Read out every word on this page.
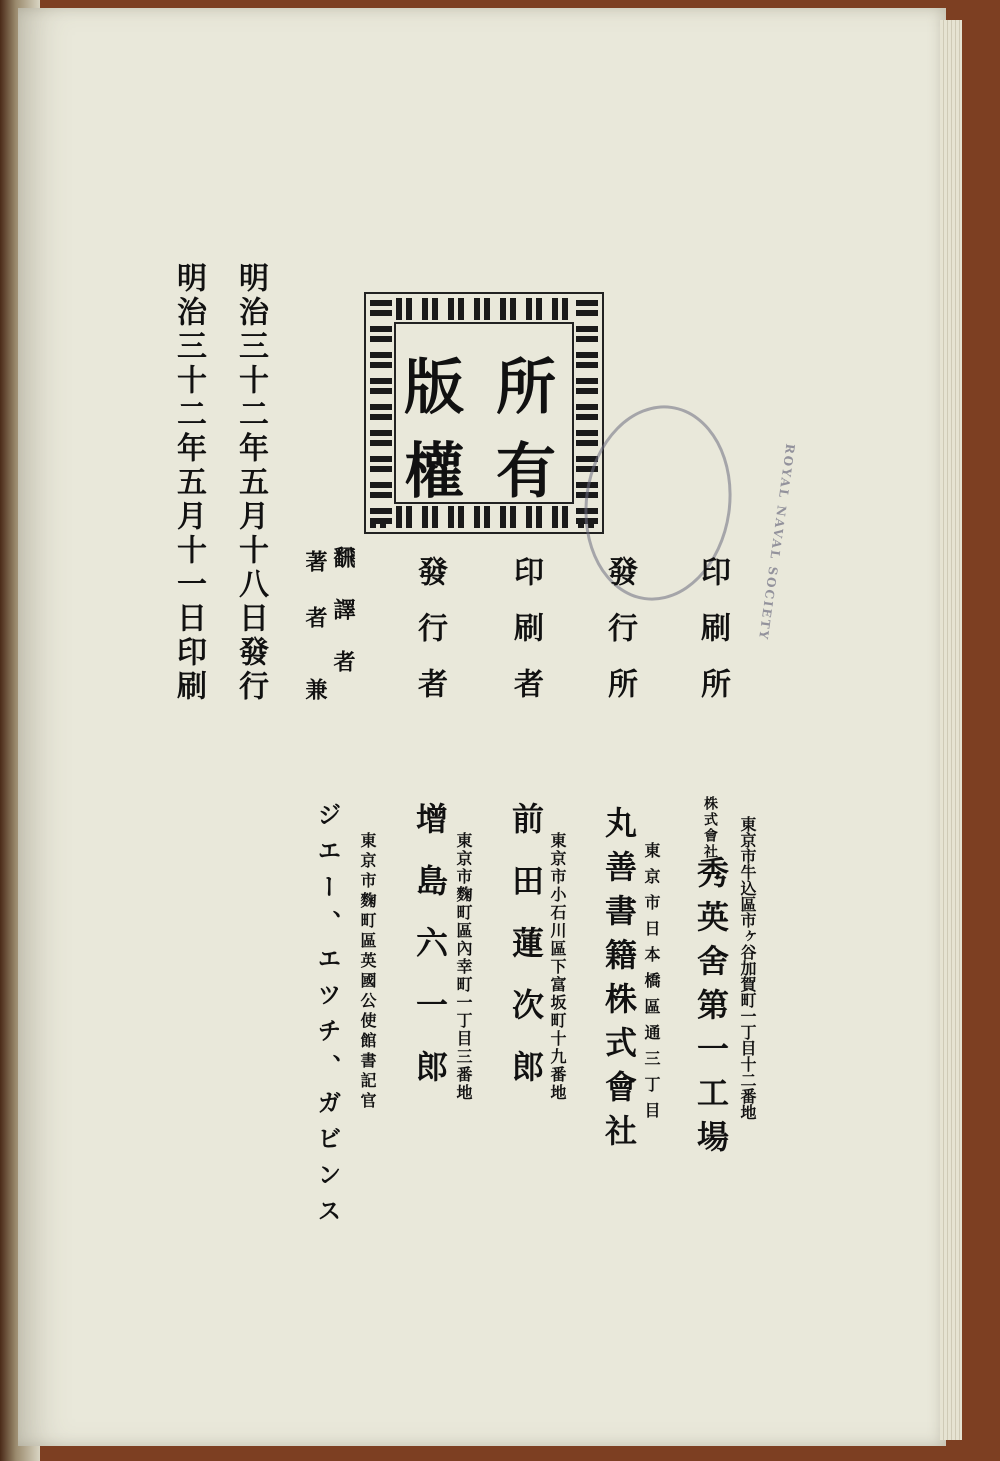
所
有
版
權	ROYAL NAVAL SOCIETY
明治三十二年五月十八日發行
明治三十二年五月十一日印刷	印刷所
發行所
印刷者
發行者
著者 飜譯者
兼
東京市牛込區市ヶ谷加賀町一丁目十二番地
株式會社
秀英舍第一工場
東京市日本橋區通三丁目
丸善書籍株式會社
東京市小石川區下富坂町十九番地
前田蓮次郎
東京市麴町區內幸町一丁目三番地
增島六一郎
東京市麴町區英國公使館書記官
ジエー、エツチ、ガビンス
